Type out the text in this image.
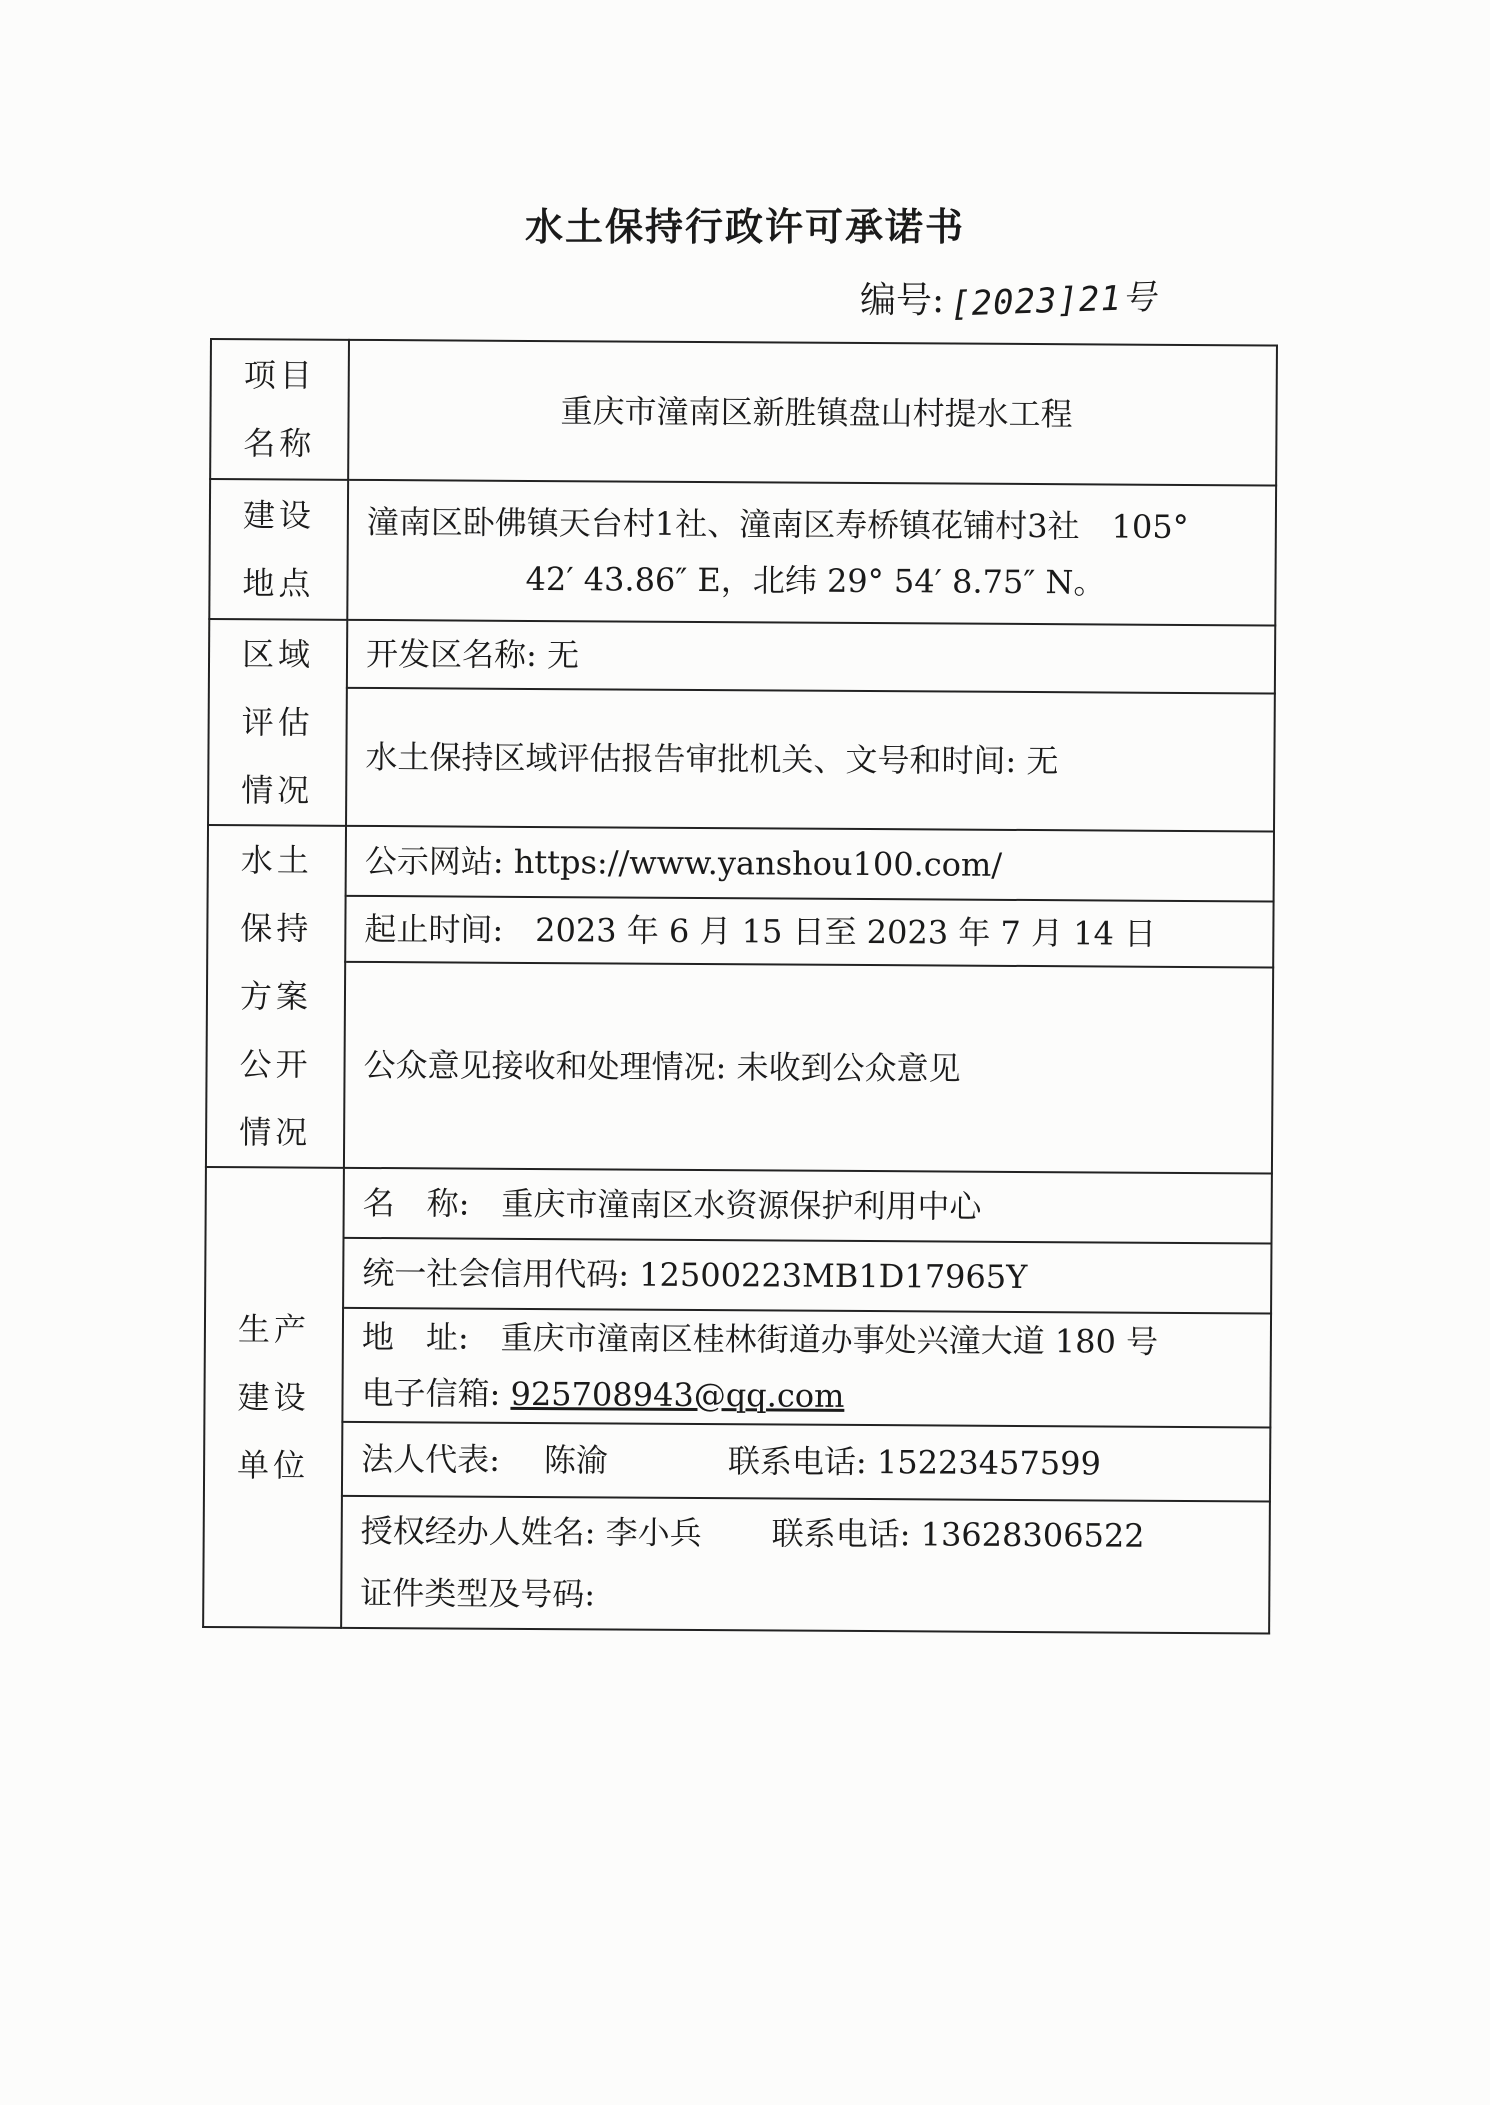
水土保持行政许可承诺书
编号: [2023]21号
项目
名称	重庆市潼南区新胜镇盘山村提水工程

建设
地点	潼南区卧佛镇天台村1社、潼南区寿桥镇花铺村3社　105°
42′ 43.86″ E，北纬 29° 54′ 8.75″ N。

区域
评估
情况	开发区名称: 无
	水土保持区域评估报告审批机关、文号和时间: 无

水土
保持
方案
公开
情况	公示网站: https://www.yanshou100.com/
	起止时间:　2023 年 6 月 15 日至 2023 年 7 月 14 日
	公众意见接收和处理情况: 未收到公众意见

生产
建设
单位	名　称:　重庆市潼南区水资源保护利用中心
	统一社会信用代码: 12500223MB1D17965Y

	地　址:　重庆市潼南区桂林街道办事处兴潼大道 180 号
电子信箱: 925708943@qq.com

	法人代表: 陈渝 联系电话: 15223457599

	授权经办人姓名: 李小兵 联系电话: 13628306522
证件类型及号码:
